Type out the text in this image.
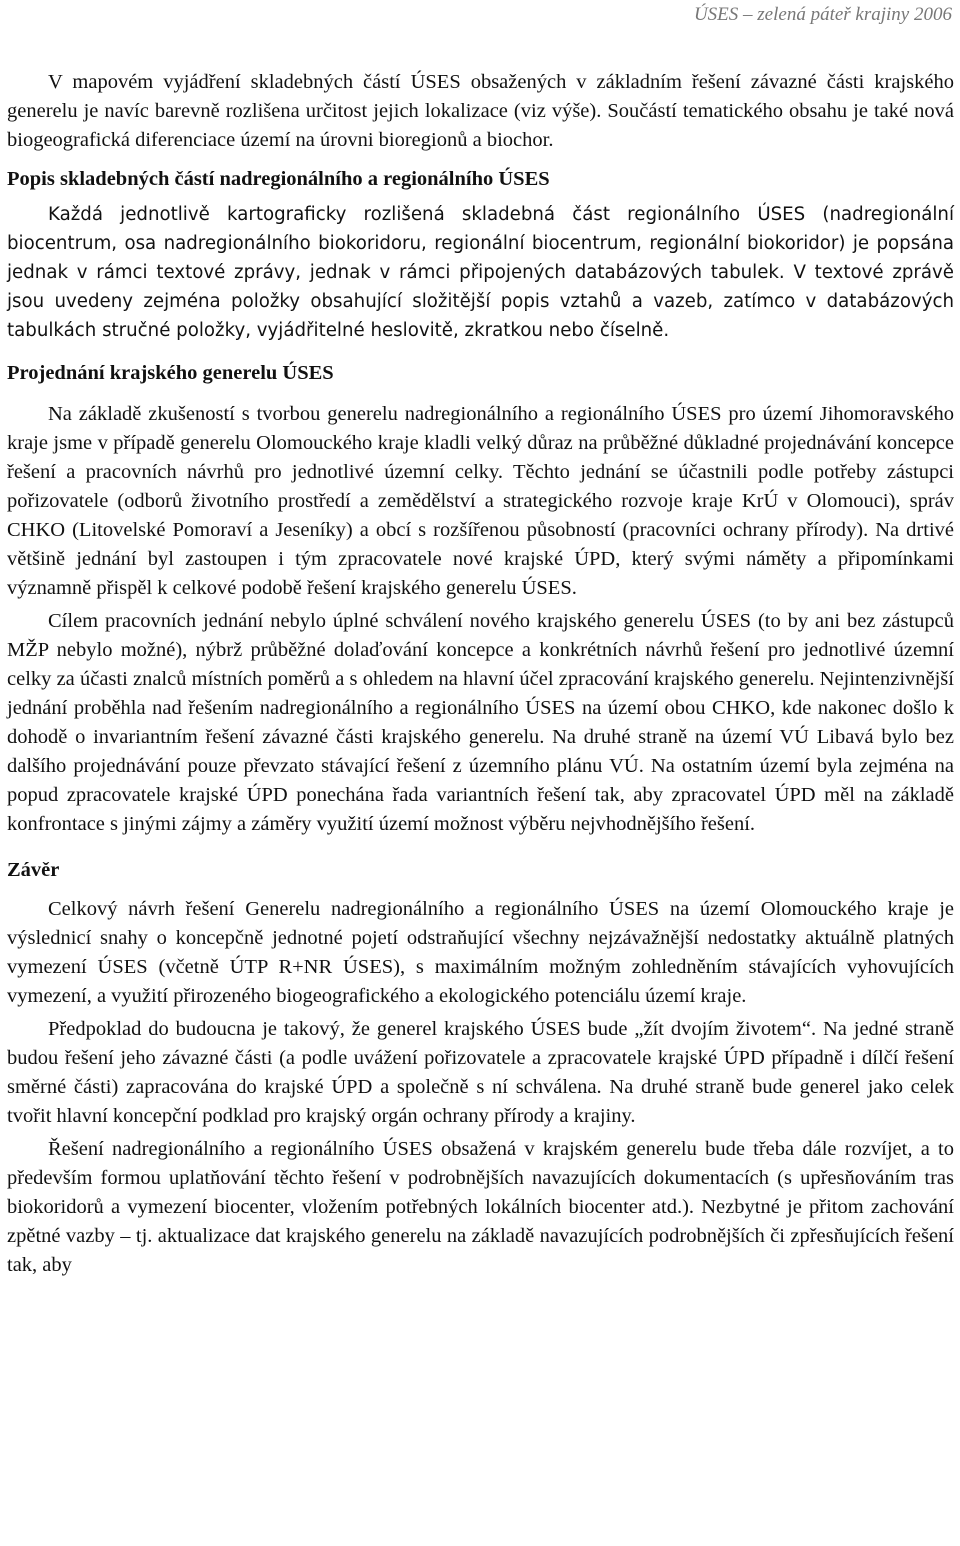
ÚSES – zelená páteř krajiny 2006

V mapovém vyjádření skladebných částí ÚSES obsažených v základním řešení závazné části krajského generelu je navíc barevně rozlišena určitost jejich lokalizace (viz výše). Součástí tematického obsahu je také nová biogeografická diferenciace území na úrovni bioregionů a biochor.

Popis skladebných částí nadregionálního a regionálního ÚSES

Každá jednotlivě kartograficky rozlišená skladebná část regionálního ÚSES (nadregionální biocentrum, osa nadregionálního biokoridoru, regionální biocentrum, regionální biokoridor) je popsána jednak v rámci textové zprávy, jednak v rámci připojených databázových tabulek. V textové zprávě jsou uvedeny zejména položky obsahující složitější popis vztahů a vazeb, zatímco v databázových tabulkách stručné položky, vyjádřitelné heslovitě, zkratkou nebo číselně.

Projednání krajského generelu ÚSES

Na základě zkušeností s tvorbou generelu nadregionálního a regionálního ÚSES pro území Jihomoravského kraje jsme v případě generelu Olomouckého kraje kladli velký důraz na průběžné důkladné projednávání koncepce řešení a pracovních návrhů pro jednotlivé územní celky. Těchto jednání se účastnili podle potřeby zástupci pořizovatele (odborů životního prostředí a zemědělství a strategického rozvoje kraje KrÚ v Olomouci), správ CHKO (Litovelské Pomoraví a Jeseníky) a obcí s rozšířenou působností (pracovníci ochrany přírody). Na drtivé většině jednání byl zastoupen i tým zpracovatele nové krajské ÚPD, který svými náměty a připomínkami významně přispěl k celkové podobě řešení krajského generelu ÚSES.

Cílem pracovních jednání nebylo úplné schválení nového krajského generelu ÚSES (to by ani bez zástupců MŽP nebylo možné), nýbrž průběžné dolaďování koncepce a konkrétních návrhů řešení pro jednotlivé územní celky za účasti znalců místních poměrů a s ohledem na hlavní účel zpracování krajského generelu. Nejintenzivnější jednání proběhla nad řešením nadregionálního a regionálního ÚSES na území obou CHKO, kde nakonec došlo k dohodě o invariantním řešení závazné části krajského generelu. Na druhé straně na území VÚ Libavá bylo bez dalšího projednávání pouze převzato stávající řešení z územního plánu VÚ. Na ostatním území byla zejména na popud zpracovatele krajské ÚPD ponechána řada variantních řešení tak, aby zpracovatel ÚPD měl na základě konfrontace s jinými zájmy a záměry využití území možnost výběru nejvhodnějšího řešení.

Závěr

Celkový návrh řešení Generelu nadregionálního a regionálního ÚSES na území Olomouckého kraje je výslednicí snahy o koncepčně jednotné pojetí odstraňující všechny nejzávažnější nedostatky aktuálně platných vymezení ÚSES (včetně ÚTP R+NR ÚSES), s maximálním možným zohledněním stávajících vyhovujících vymezení, a využití přirozeného biogeografického a ekologického potenciálu území kraje.

Předpoklad do budoucna je takový, že generel krajského ÚSES bude „žít dvojím životem“. Na jedné straně budou řešení jeho závazné části (a podle uvážení pořizovatele a zpracovatele krajské ÚPD případně i dílčí řešení směrné části) zapracována do krajské ÚPD a společně s ní schválena. Na druhé straně bude generel jako celek tvořit hlavní koncepční podklad pro krajský orgán ochrany přírody a krajiny.

Řešení nadregionálního a regionálního ÚSES obsažená v krajském generelu bude třeba dále rozvíjet, a to především formou uplatňování těchto řešení v podrobnějších navazujících dokumentacích (s upřesňováním tras biokoridorů a vymezení biocenter, vložením potřebných lokálních biocenter atd.). Nezbytné je přitom zachování zpětné vazby – tj. aktualizace dat krajského generelu na základě navazujících podrobnějších či zpřesňujících řešení tak, aby
